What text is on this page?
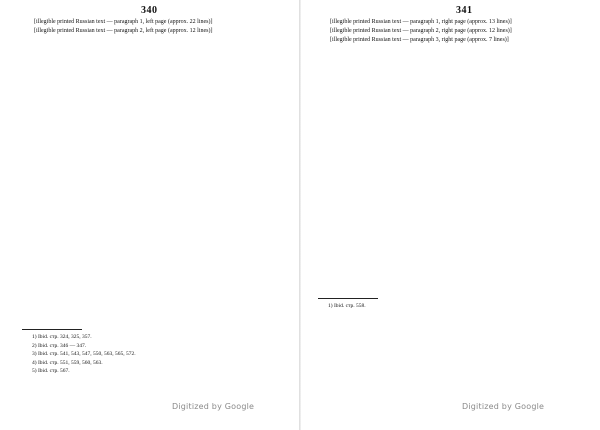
340

[illegible printed Russian text — paragraph 1, left page (approx. 22 lines)]

[illegible printed Russian text — paragraph 2, left page (approx. 12 lines)]

1) Ibid. стр. 324, 325, 357.
2) Ibid. стр. 346 — 347.
3) Ibid. стр. 541, 543, 547, 550, 563, 565, 572.
4) Ibid. стр. 551, 559, 560, 563.
5) Ibid. стр. 567.
Digitized by Google
341

[illegible printed Russian text — paragraph 1, right page (approx. 13 lines)]

[illegible printed Russian text — paragraph 2, right page (approx. 12 lines)]

[illegible printed Russian text — paragraph 3, right page (approx. 7 lines)]

1) Ibid. стр. 558.
Digitized by Google
